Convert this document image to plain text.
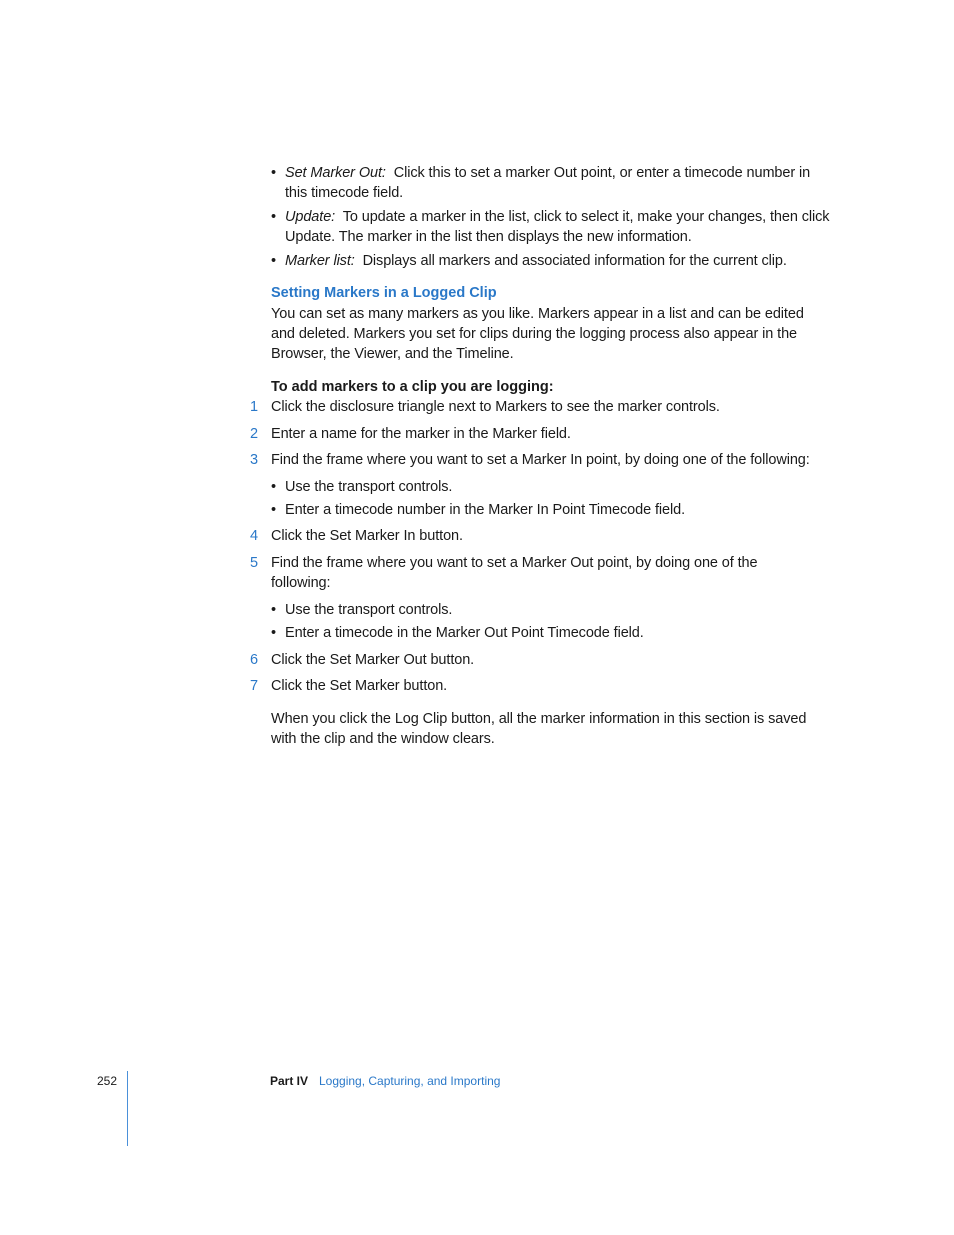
• Set Marker Out: Click this to set a marker Out point, or enter a timecode number in this timecode field.
• Update: To update a marker in the list, click to select it, make your changes, then click Update. The marker in the list then displays the new information.
• Marker list: Displays all markers and associated information for the current clip.
Setting Markers in a Logged Clip
You can set as many markers as you like. Markers appear in a list and can be edited and deleted. Markers you set for clips during the logging process also appear in the Browser, the Viewer, and the Timeline.
To add markers to a clip you are logging:
1 Click the disclosure triangle next to Markers to see the marker controls.
2 Enter a name for the marker in the Marker field.
3 Find the frame where you want to set a Marker In point, by doing one of the following:
• Use the transport controls.
• Enter a timecode number in the Marker In Point Timecode field.
4 Click the Set Marker In button.
5 Find the frame where you want to set a Marker Out point, by doing one of the following:
• Use the transport controls.
• Enter a timecode in the Marker Out Point Timecode field.
6 Click the Set Marker Out button.
7 Click the Set Marker button.
When you click the Log Clip button, all the marker information in this section is saved with the clip and the window clears.
252	Part IV Logging, Capturing, and Importing
